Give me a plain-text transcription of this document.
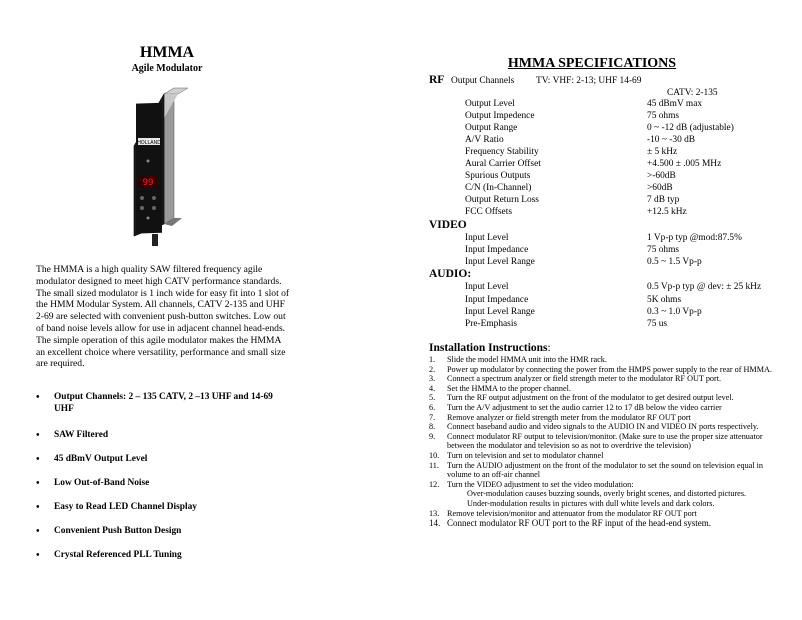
HMMA
Agile Modulator
HOLLAND
99
The HMMA is a high quality SAW filtered frequency agile modulator designed to meet high CATV performance standards. The small sized modulator is 1 inch wide for easy fit into 1 slot of the HMM Modular System. All channels, CATV 2-135 and UHF 2-69 are selected with convenient push-button switches. Low out of band noise levels allow for use in adjacent channel head-ends. The simple operation of this agile modulator makes the HMMA an excellent choice where versatility, performance and small size are required.
• Output Channels: 2 – 135 CATV, 2 –13 UHF and 14-69 UHF
• SAW Filtered
• 45 dBmV Output Level
• Low Out-of-Band Noise
• Easy to Read LED Channel Display
• Convenient Push Button Design
• Crystal Referenced PLL Tuning
HMMA SPECIFICATIONS
RF Output Channels TV: VHF: 2-13; UHF 14-69
CATV: 2-135
Output Level	45 dBmV max
Output Impedence	75 ohms
Output Range	0 ~ -12 dB (adjustable)
A/V Ratio	-10 ~ -30 dB
Frequency Stability	± 5 kHz
Aural Carrier Offset	+4.500 ± .005 MHz
Spurious Outputs	>-60dB
C/N (In-Channel)	>60dB
Output Return Loss	7 dB typ
FCC Offsets	+12.5 kHz
VIDEO
Input Level	1 Vp-p typ @mod:87.5%
Input Impedance	75 ohms
Input Level Range	0.5 ~ 1.5 Vp-p
AUDIO:
Input Level	0.5 Vp-p typ @ dev: ± 25 kHz
Input Impedance	5K ohms
Input Level Range	0.3 ~ 1.0 Vp-p
Pre-Emphasis	75 us
Installation Instructions:
1. Slide the model HMMA unit into the HMR rack.
2. Power up modulator by connecting the power from the HMPS power supply to the rear of HMMA.
3. Connect a spectrum analyzer or field strength meter to the modulator RF OUT port.
4. Set the HMMA to the proper channel.
5. Turn the RF output adjustment on the front of the modulator to get desired output level.
6. Turn the A/V adjustment to set the audio carrier 12 to 17 dB below the video carrier
7. Remove analyzer or field strength meter from the modulator RF OUT port
8. Connect baseband audio and video signals to the AUDIO IN and VIDEO IN ports respectively.
9. Connect modulator RF output to television/monitor. (Make sure to use the proper size attenuator between the modulator and television so as not to overdrive the television)
10. Turn on television and set to modulator channel
11. Turn the AUDIO adjustment on the front of the modulator to set the sound on television equal in volume to an off-air channel
12. Turn the VIDEO adjustment to set the video modulation:
Over-modulation causes buzzing sounds, overly bright scenes, and distorted pictures.
Under-modulation results in pictures with dull white levels and dark colors.
13. Remove television/monitor and attenuator from the modulator RF OUT port
14. Connect modulator RF OUT port to the RF input of the head-end system.
